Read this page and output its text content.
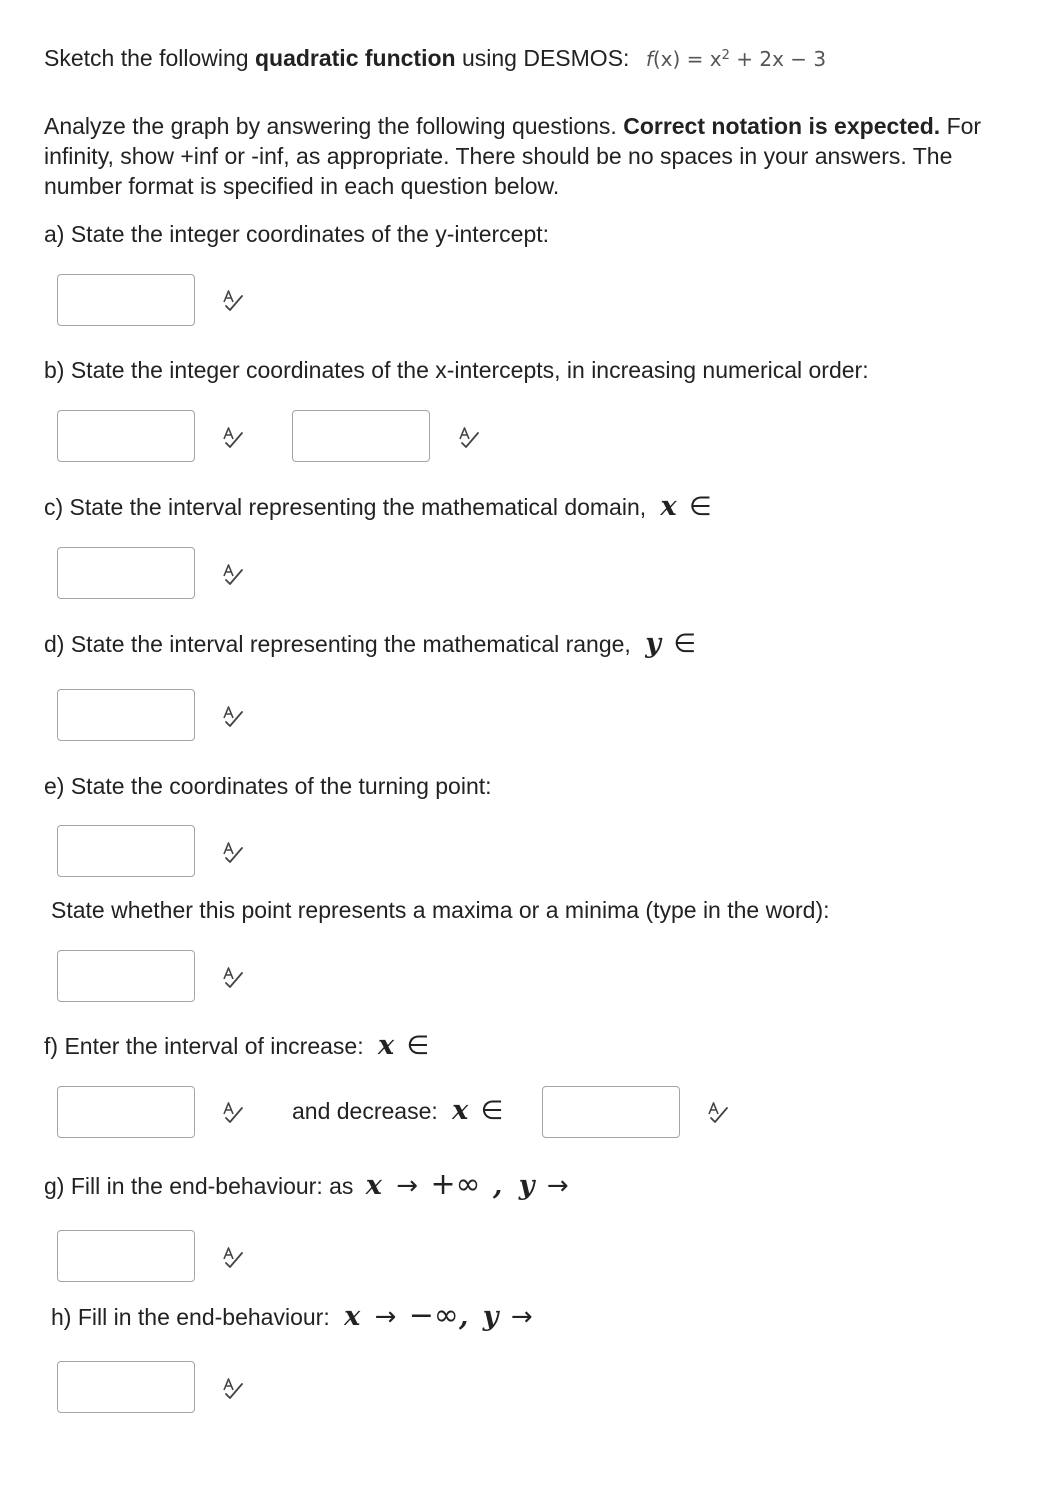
Sketch the following quadratic function using DESMOS: $f(x) = x^2 + 2x - 3$
Analyze the graph by answering the following questions. Correct notation is expected. For infinity, show +inf or -inf, as appropriate. There should be no spaces in your answers. The number format is specified in each question below.
a) State the integer coordinates of the y-intercept:
b) State the integer coordinates of the x-intercepts, in increasing numerical order:
c) State the interval representing the mathematical domain, x ∈
d) State the interval representing the mathematical range, y ∈
e) State the coordinates of the turning point:
State whether this point represents a maxima or a minima (type in the word):
f) Enter the interval of increase: x ∈
and decrease: x ∈
g) Fill in the end-behaviour: as x → +∞ , y →
h) Fill in the end-behaviour: x → −∞, y →
